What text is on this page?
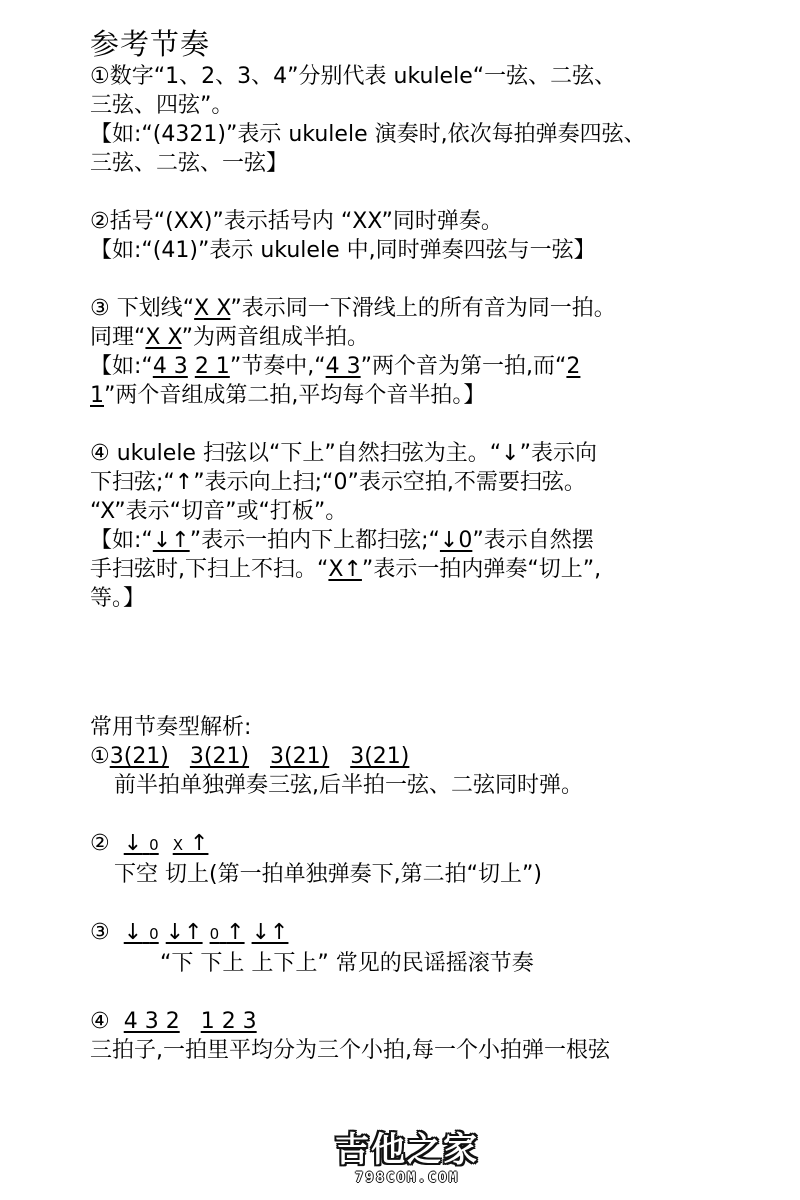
参考节奏
①数字“1、2、3、4”分别代表 ukulele“一弦、二弦、
三弦、四弦”。
【如:“(4321)”表示 ukulele 演奏时,依次每拍弹奏四弦、
三弦、二弦、一弦】
②括号“(XX)”表示括号内 “XX”同时弹奏。
【如:“(41)”表示 ukulele 中,同时弹奏四弦与一弦】
③ 下划线“X X”表示同一下滑线上的所有音为同一拍。
同理“X X”为两音组成半拍。
【如:“4 3 2 1”节奏中,“4 3”两个音为第一拍,而“2
1”两个音组成第二拍,平均每个音半拍。】
④ ukulele 扫弦以“下上”自然扫弦为主。“↓”表示向
下扫弦;“↑”表示向上扫;“0”表示空拍,不需要扫弦。
“X”表示“切音”或“打板”。
【如:“↓↑”表示一拍内下上都扫弦;“↓0”表示自然摆
手扫弦时,下扫上不扫。“X↑”表示一拍内弹奏“切上”,
等。】
常用节奏型解析:
①3(21) 3(21) 3(21) 3(21)
前半拍单独弹奏三弦,后半拍一弦、二弦同时弹。
② ↓ 0 X ↑
下空 切上(第一拍单独弹奏下,第二拍“切上”)
③ ↓ 0 ↓↑ 0 ↑ ↓↑
“下 下上 上下上” 常见的民谣摇滚节奏
④ 4 3 2 1 2 3
三拍子,一拍里平均分为三个小拍,每一个小拍弹一根弦
吉他之家
798COM.COM
